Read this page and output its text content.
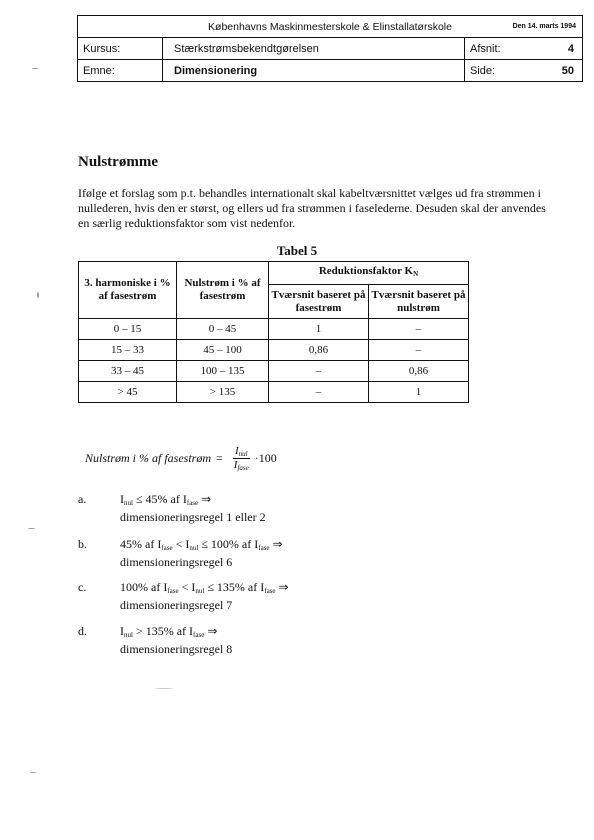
Københavns Maskinmesterskole & Elinstallatørskole	Den 14. marts 1994
Kursus:	Stærkstrømsbekendtgørelsen	Afsnit:	4
Emne:	Dimensionering	Side:	50
Nulstrømme

Ifølge et forslag som p.t. behandles internationalt skal kabeltværsnittet vælges ud fra strømmen i nullederen, hvis den er størst, og ellers ud fra strømmen i faselederne. Desuden skal der anvendes en særlig reduktionsfaktor som vist nedenfor.

Tabel 5
3. harmoniske i % af fasestrøm	Nulstrøm i % af fasestrøm	Reduktionsfaktor $K_N$
		Tværsnit baseret på fasestrøm	Tværsnit baseret på nulstrøm
0 – 15	0 – 45	1	–
15 – 33	45 – 100	0,86	–
33 – 45	100 – 135	–	0,86
> 45	> 135	–	1
Nulstrøm i % af fasestrøm = $\frac{I_{nul}}{I_{fase}} \cdot 100$
a.	$I_{nul} \le 45\%$ af $I_{fase}$ ⇒
dimensioneringsregel 1 eller 2
b.	45% af $I_{fase} < I_{nul} \le 100\%$ af $I_{fase}$ ⇒
dimensioneringsregel 6
c.	100% af $I_{fase} < I_{nul} \le 135\%$ af $I_{fase}$ ⇒
dimensioneringsregel 7
d.	$I_{nul} > 135\%$ af $I_{fase}$ ⇒
dimensioneringsregel 8
